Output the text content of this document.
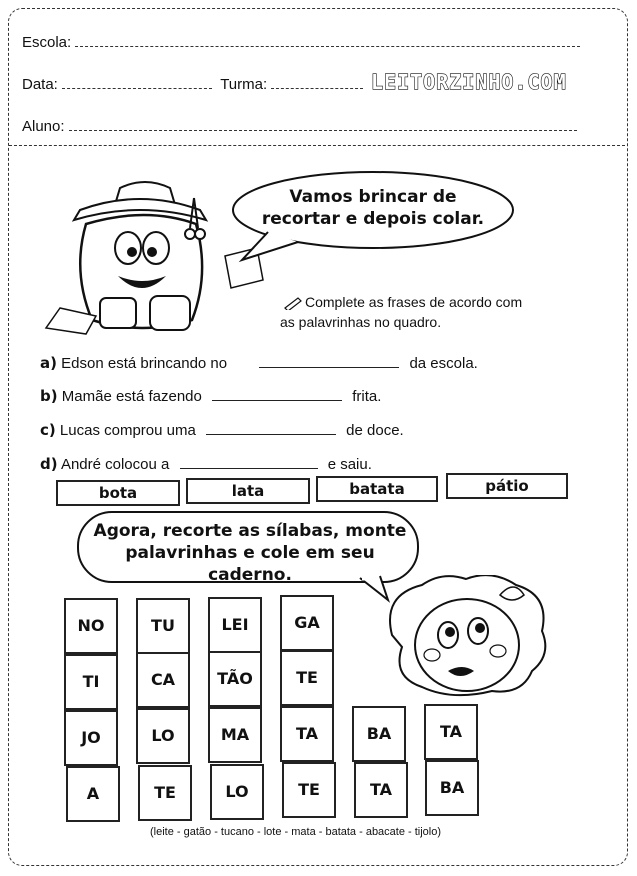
Escola:
Data:	Turma:	LEITORZINHO.COM
Aluno:
Vamos brincar de
recortar e depois colar.
Complete as frases de acordo com
as palavrinhas no quadro.
a) Edson está brincando no	da escola.
b) Mamãe está fazendo	frita.
c) Lucas comprou uma	de doce.
d) André colocou a	e saiu.
bota	lata	batata	pátio
Agora, recorte as sílabas, monte
palavrinhas e cole em seu caderno.
NO	TU	LEI	GA
TI	CA	TÃO	TE
JO	LO	MA	TA	BA	TA
A	TE	LO	TE	TA	BA
(leite - gatão - tucano - lote - mata - batata - abacate - tijolo)
